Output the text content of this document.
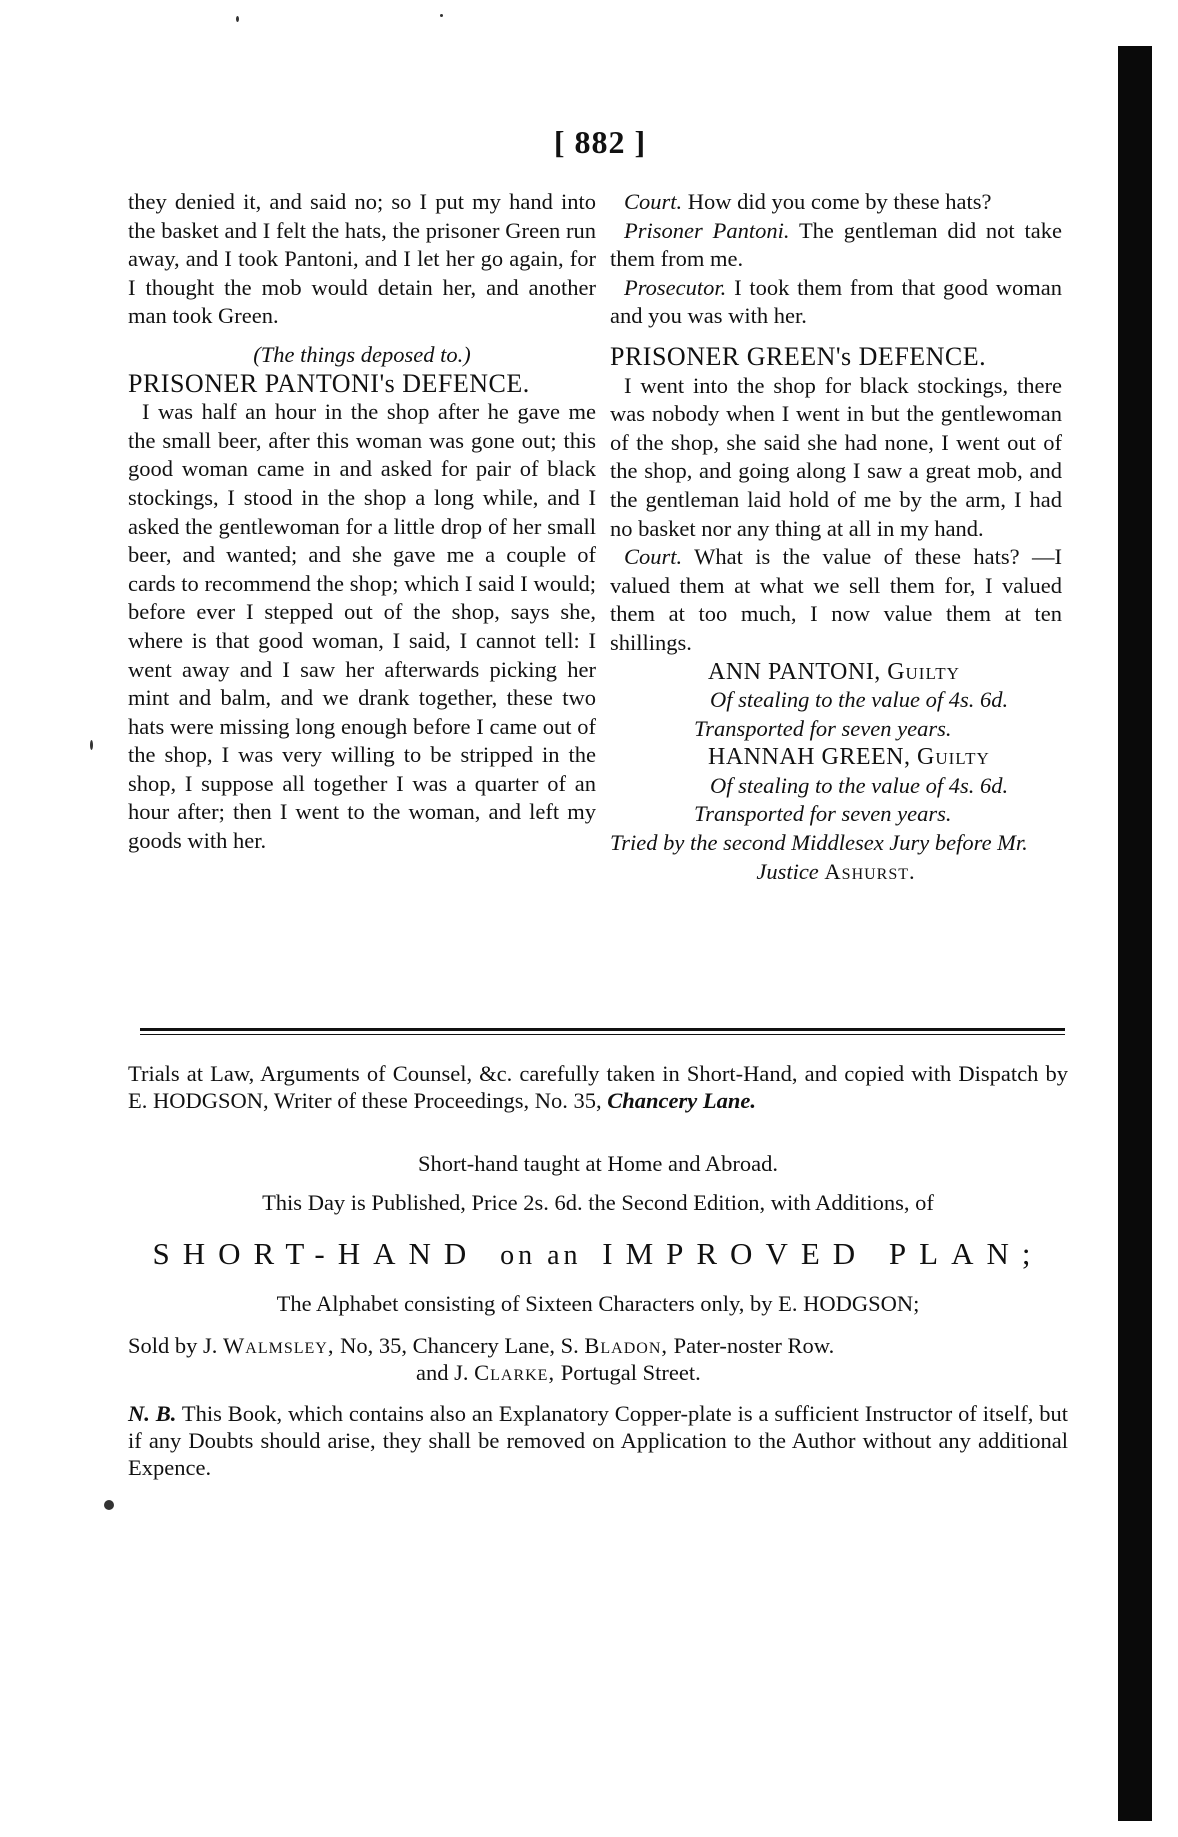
[ 882 ]

they denied it, and said no; so I put my hand into the basket and I felt the hats, the prisoner Green run away, and I took Pantoni, and I let her go again, for I thought the mob would detain her, and another man took Green.

(The things deposed to.)

PRISONER PANTONI's DEFENCE.

I was half an hour in the shop after he gave me the small beer, after this woman was gone out; this good woman came in and asked for pair of black stockings, I stood in the shop a long while, and I asked the gentlewoman for a little drop of her small beer, and wanted; and she gave me a couple of cards to recommend the shop; which I said I would; before ever I stepped out of the shop, says she, where is that good woman, I said, I cannot tell: I went away and I saw her afterwards picking her mint and balm, and we drank together, these two hats were missing long enough before I came out of the shop, I was very willing to be stripped in the shop, I suppose all together I was a quarter of an hour after; then I went to the woman, and left my goods with her.

Court. How did you come by these hats?

Prisoner Pantoni. The gentleman did not take them from me.

Prosecutor. I took them from that good woman and you was with her.

PRISONER GREEN's DEFENCE.

I went into the shop for black stockings, there was nobody when I went in but the gentlewoman of the shop, she said she had none, I went out of the shop, and going along I saw a great mob, and the gentleman laid hold of me by the arm, I had no basket nor any thing at all in my hand.

Court. What is the value of these hats? —I valued them at what we sell them for, I valued them at too much, I now value them at ten shillings.

ANN PANTONI, Guilty

Of stealing to the value of 4s. 6d.

Transported for seven years.

HANNAH GREEN, Guilty

Of stealing to the value of 4s. 6d.

Transported for seven years.

Tried by the second Middlesex Jury before Mr.

Justice Ashurst.

Trials at Law, Arguments of Counsel, &c. carefully taken in Short-Hand, and copied with Dispatch by E. HODGSON, Writer of these Proceedings, No. 35, Chancery Lane.
Short-hand taught at Home and Abroad.
This Day is Published, Price 2s. 6d. the Second Edition, with Additions, of
SHORT-HAND on an IMPROVED PLAN;
The Alphabet consisting of Sixteen Characters only, by E. HODGSON;
Sold by J. Walmsley, No, 35, Chancery Lane, S. Bladon, Pater-noster Row.
and J. Clarke, Portugal Street.
N. B. This Book, which contains also an Explanatory Copper-plate is a sufficient Instructor of itself, but if any Doubts should arise, they shall be removed on Application to the Author without any additional Expence.
